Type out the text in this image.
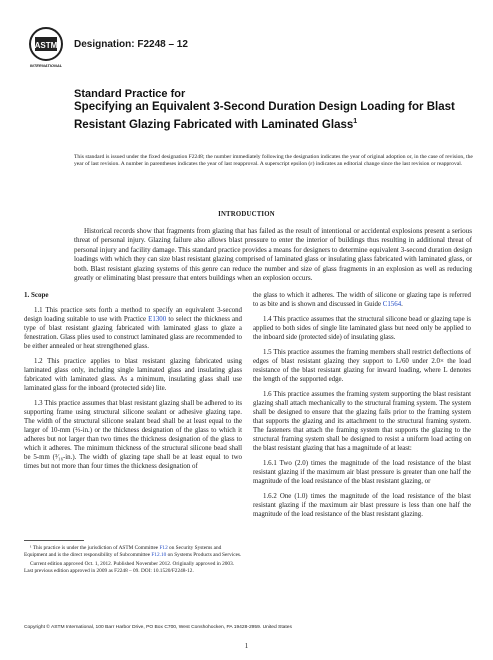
ASTM
INTERNATIONAL
Designation: F2248 – 12
Standard Practice for
Specifying an Equivalent 3-Second Duration Design Loading for Blast Resistant Glazing Fabricated with Laminated Glass$^1$
This standard is issued under the fixed designation F2248; the number immediately following the designation indicates the year of original adoption or, in the case of revision, the year of last revision. A number in parentheses indicates the year of last reapproval. A superscript epsilon (ε) indicates an editorial change since the last revision or reapproval.
INTRODUCTION
Historical records show that fragments from glazing that has failed as the result of intentional or accidental explosions present a serious threat of personal injury. Glazing failure also allows blast pressure to enter the interior of buildings thus resulting in additional threat of personal injury and facility damage. This standard practice provides a means for designers to determine equivalent 3-second duration design loadings with which they can size blast resistant glazing comprised of laminated glass or insulating glass fabricated with laminated glass, or both. Blast resistant glazing systems of this genre can reduce the number and size of glass fragments in an explosion as well as reducing greatly or eliminating blast pressure that enters buildings when an explosion occurs.
1. Scope

1.1 This practice sets forth a method to specify an equivalent 3-second design loading suitable to use with Practice E1300 to select the thickness and type of blast resistant glazing fabricated with laminated glass to glaze a fenestration. Glass plies used to construct laminated glass are recommended to be either annealed or heat strengthened glass.

1.2 This practice applies to blast resistant glazing fabricated using laminated glass only, including single laminated glass and insulating glass fabricated with laminated glass. As a minimum, insulating glass shall use laminated glass for the inboard (protected side) lite.

1.3 This practice assumes that blast resistant glazing shall be adhered to its supporting frame using structural silicone sealant or adhesive glazing tape. The width of the structural silicone sealant bead shall be at least equal to the larger of 10-mm (⅔-in.) or the thickness designation of the glass to which it adheres but not larger than two times the thickness designation of the glass to which it adheres. The minimum thickness of the structural silicone bead shall be 5-mm (³⁄₁₆-in.). The width of glazing tape shall be at least equal to two times but not more than four times the thickness designation of

the glass to which it adheres. The width of silicone or glazing tape is referred to as bite and is shown and discussed in Guide C1564.

1.4 This practice assumes that the structural silicone bead or glazing tape is applied to both sides of single lite laminated glass but need only be applied to the inboard side (protected side) of insulating glass.

1.5 This practice assumes the framing members shall restrict deflections of edges of blast resistant glazing they support to L/60 under 2.0× the load resistance of the blast resistant glazing for inward loading, where L denotes the length of the supported edge.

1.6 This practice assumes the framing system supporting the blast resistant glazing shall attach mechanically to the structural framing system. The system shall be designed to ensure that the glazing fails prior to the framing system that supports the glazing and its attachment to the structural framing system. The fasteners that attach the framing system that supports the glazing to the structural framing system shall be designed to resist a uniform load acting on the blast resistant glazing that has a magnitude of at least:

1.6.1 Two (2.0) times the magnitude of the load resistance of the blast resistant glazing if the maximum air blast pressure is greater than one half the magnitude of the load resistance of the blast resistant glazing, or

1.6.2 One (1.0) times the magnitude of the load resistance of the blast resistant glazing if the maximum air blast pressure is less than one half the magnitude of the load resistance of the blast resistant glazing.

¹ This practice is under the jurisdiction of ASTM Committee F12 on Security Systems and Equipment and is the direct responsibility of Subcommittee F12.10 on Systems Products and Services.

Current edition approved Oct. 1, 2012. Published November 2012. Originally approved in 2003. Last previous edition approved in 2009 as F2248 – 09. DOI: 10.1520/F2248-12.

Copyright © ASTM International, 100 Barr Harbor Drive, PO Box C700, West Conshohocken, PA 19428-2959. United States
1
